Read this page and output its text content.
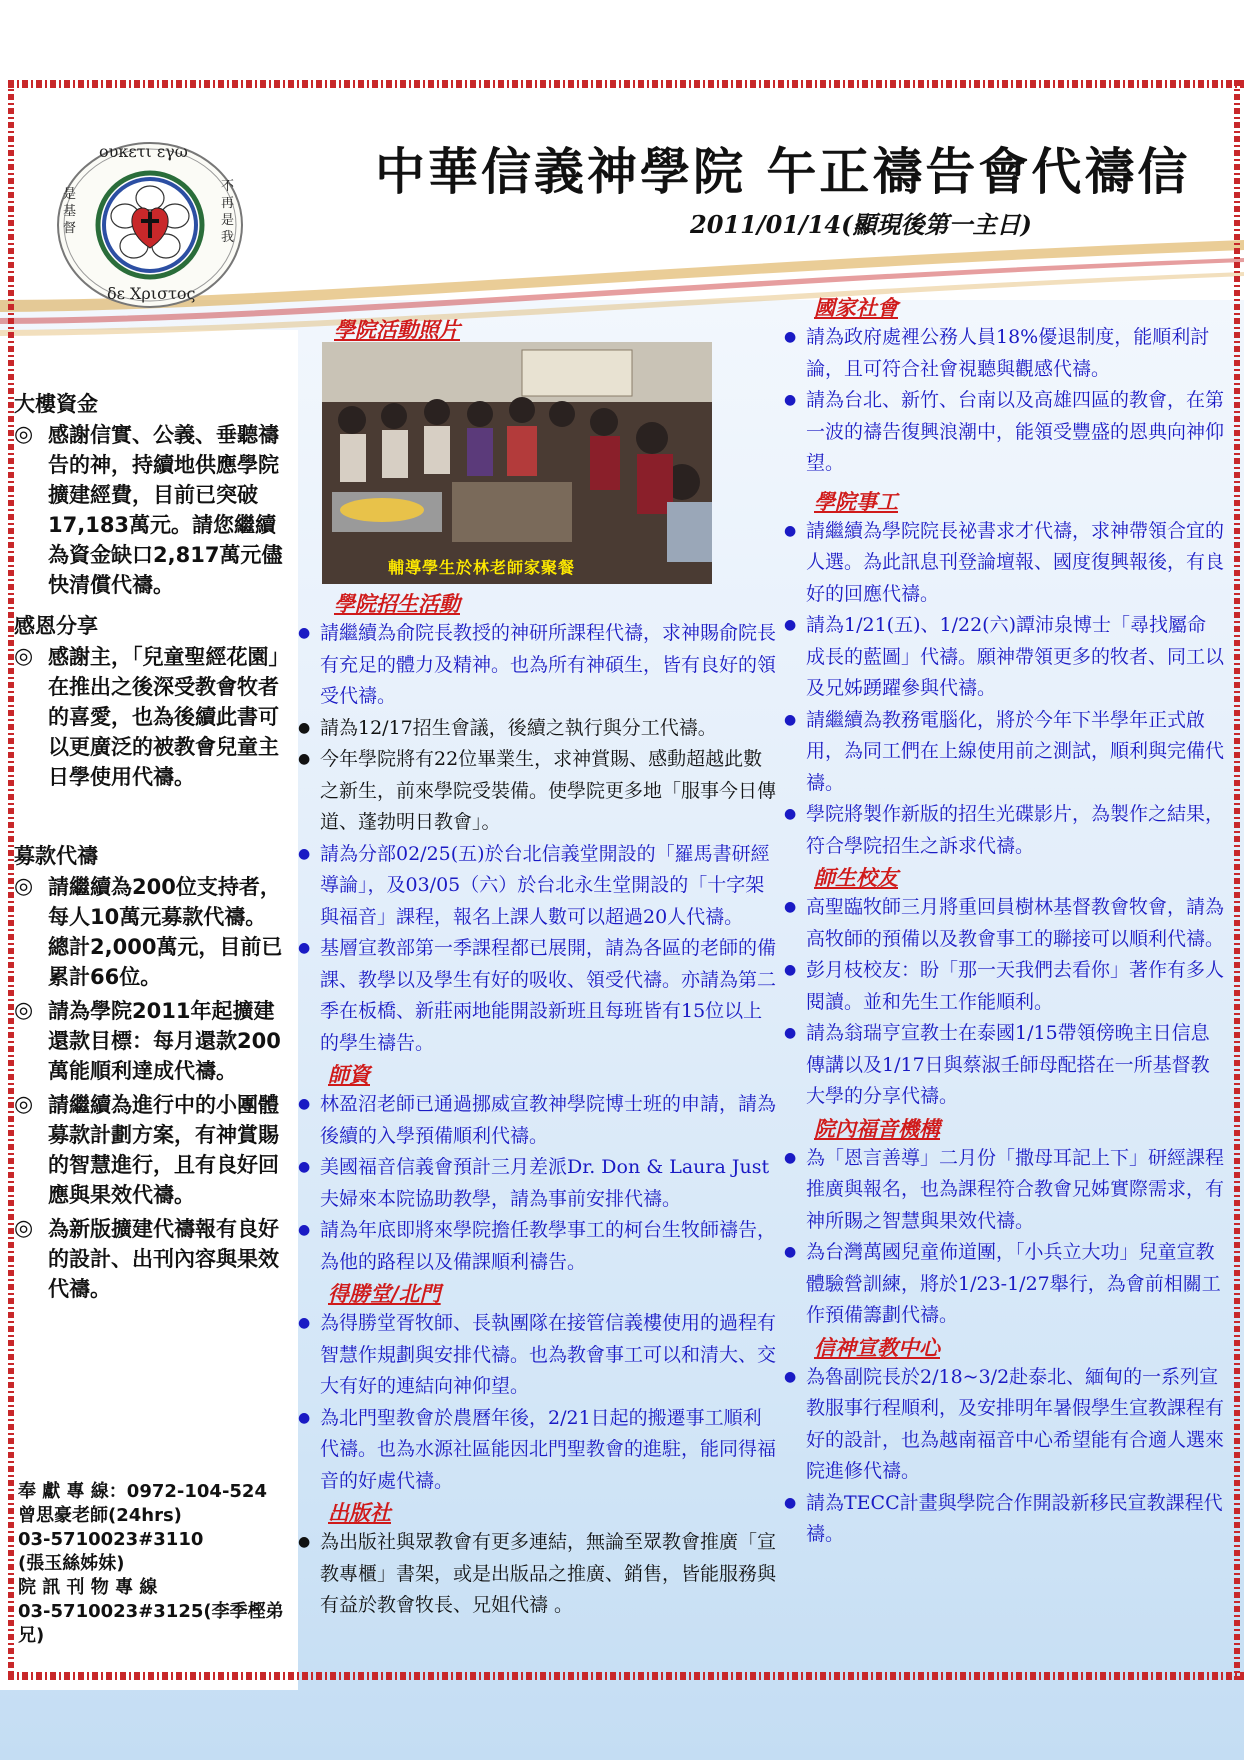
ουκετι εγω
δε Χριστος
是基督
不再是我
中華信義神學院 午正禱告會代禱信
2011/01/14(顯現後第一主日)
大樓資金
◎ 感謝信實、公義、垂聽禱告的神，持續地供應學院擴建經費，目前已突破17,183萬元。請您繼續為資金缺口2,817萬元儘快清償代禱。
感恩分享
◎ 感謝主，「兒童聖經花園」在推出之後深受教會牧者的喜愛，也為後續此書可以更廣泛的被教會兒童主日學使用代禱。
募款代禱
◎ 請繼續為200位支持者，每人10萬元募款代禱。總計2,000萬元，目前已累計66位。
◎ 請為學院2011年起擴建還款目標：每月還款200萬能順利達成代禱。
◎ 請繼續為進行中的小團體募款計劃方案，有神賞賜的智慧進行，且有良好回應與果效代禱。
◎ 為新版擴建代禱報有良好的設計、出刊內容與果效代禱。
奉 獻 專 線：0972-104-524
曾思豪老師(24hrs)
03-5710023#3110
(張玉絲姊妹)
院 訊 刊 物 專 線
03-5710023#3125(李季樫弟兄)
學院活動照片
輔導學生於林老師家聚餐
學院招生活動
● 請繼續為俞院長教授的神研所課程代禱，求神賜俞院長有充足的體力及精神。也為所有神碩生，皆有良好的領受代禱。
● 請為12/17招生會議，後續之執行與分工代禱。
● 今年學院將有22位畢業生，求神賞賜、感動超越此數之新生，前來學院受裝備。使學院更多地「服事今日傳道、蓬勃明日教會」。
● 請為分部02/25(五)於台北信義堂開設的「羅馬書研經導論」，及03/05（六）於台北永生堂開設的「十字架與福音」課程，報名上課人數可以超過20人代禱。
● 基層宣教部第一季課程都已展開，請為各區的老師的備課、教學以及學生有好的吸收、領受代禱。亦請為第二季在板橋、新莊兩地能開設新班且每班皆有15位以上的學生禱告。
師資
● 林盈沼老師已通過挪威宣教神學院博士班的申請，請為後續的入學預備順利代禱。
● 美國福音信義會預計三月差派Dr. Don & Laura Just夫婦來本院協助教學，請為事前安排代禱。
● 請為年底即將來學院擔任教學事工的柯台生牧師禱告，為他的路程以及備課順利禱告。
得勝堂/北門
● 為得勝堂胥牧師、長執團隊在接管信義樓使用的過程有智慧作規劃與安排代禱。也為教會事工可以和清大、交大有好的連結向神仰望。
● 為北門聖教會於農曆年後，2/21日起的搬遷事工順利代禱。也為水源社區能因北門聖教會的進駐，能同得福音的好處代禱。
出版社
● 為出版社與眾教會有更多連結，無論至眾教會推廣「宣教專櫃」書架，或是出版品之推廣、銷售，皆能服務與有益於教會牧長、兄姐代禱 。
國家社會
● 請為政府處裡公務人員18%優退制度，能順利討論，且可符合社會視聽與觀感代禱。
● 請為台北、新竹、台南以及高雄四區的教會，在第一波的禱告復興浪潮中，能領受豐盛的恩典向神仰望。
學院事工
● 請繼續為學院院長祕書求才代禱，求神帶領合宜的人選。為此訊息刊登論壇報、國度復興報後，有良好的回應代禱。
● 請為1/21(五)、1/22(六)譚沛泉博士「尋找屬命成長的藍圖」代禱。願神帶領更多的牧者、同工以及兄姊踴躍參與代禱。
● 請繼續為教務電腦化，將於今年下半學年正式啟用，為同工們在上線使用前之測試，順利與完備代禱。
● 學院將製作新版的招生光碟影片，為製作之結果，符合學院招生之訴求代禱。
師生校友
● 高聖臨牧師三月將重回員樹林基督教會牧會，請為高牧師的預備以及教會事工的聯接可以順利代禱。
● 彭月枝校友：盼「那一天我們去看你」著作有多人閱讀。並和先生工作能順利。
● 請為翁瑞亨宣教士在泰國1/15帶領傍晚主日信息傳講以及1/17日與蔡淑壬師母配搭在一所基督教大學的分享代禱。
院內福音機構
● 為「恩言善導」二月份「撒母耳記上下」研經課程推廣與報名，也為課程符合教會兄姊實際需求，有神所賜之智慧與果效代禱。
● 為台灣萬國兒童佈道團，「小兵立大功」兒童宣教體驗營訓練，將於1/23-1/27舉行，為會前相關工作預備籌劃代禱。
信神宣教中心
● 為魯副院長於2/18~3/2赴泰北、緬甸的一系列宣教服事行程順利，及安排明年暑假學生宣教課程有好的設計，也為越南福音中心希望能有合適人選來院進修代禱。
● 請為TECC計畫與學院合作開設新移民宣教課程代禱。
